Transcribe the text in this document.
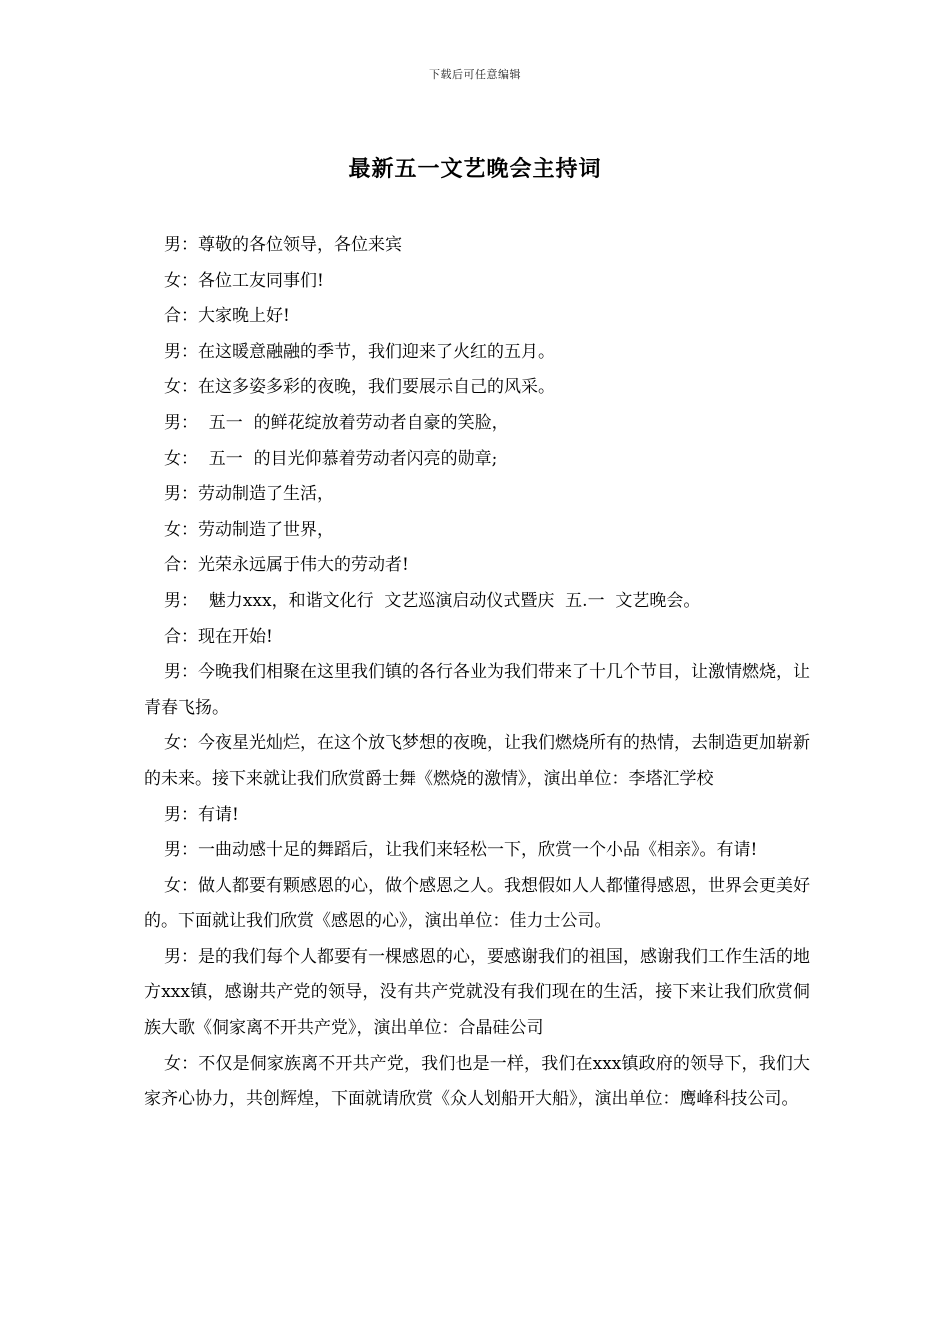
下载后可任意编辑
最新五一文艺晚会主持词

男：尊敬的各位领导，各位来宾

女：各位工友同事们!

合：大家晚上好!

男：在这暖意融融的季节，我们迎来了火红的五月。

女：在这多姿多彩的夜晚，我们要展示自己的风采。

男：  五一  的鲜花绽放着劳动者自豪的笑脸，

女：  五一  的目光仰慕着劳动者闪亮的勋章;

男：劳动制造了生活，

女：劳动制造了世界，

合：光荣永远属于伟大的劳动者!

男：  魅力xxx，和谐文化行  文艺巡演启动仪式暨庆  五.一  文艺晚会。

合：现在开始!

男：今晚我们相聚在这里我们镇的各行各业为我们带来了十几个节目，让激情燃烧，让青春飞扬。

女：今夜星光灿烂，在这个放飞梦想的夜晚，让我们燃烧所有的热情，去制造更加崭新的未来。接下来就让我们欣赏爵士舞《燃烧的激情》，演出单位：李塔汇学校

男：有请!

男：一曲动感十足的舞蹈后，让我们来轻松一下，欣赏一个小品《相亲》。有请!

女：做人都要有颗感恩的心，做个感恩之人。我想假如人人都懂得感恩，世界会更美好的。下面就让我们欣赏《感恩的心》，演出单位：佳力士公司。

男：是的我们每个人都要有一棵感恩的心，要感谢我们的祖国，感谢我们工作生活的地方xxx镇，感谢共产党的领导，没有共产党就没有我们现在的生活，接下来让我们欣赏侗族大歌《侗家离不开共产党》，演出单位：合晶硅公司

女：不仅是侗家族离不开共产党，我们也是一样，我们在xxx镇政府的领导下，我们大家齐心协力，共创辉煌，下面就请欣赏《众人划船开大船》，演出单位：鹰峰科技公司。
